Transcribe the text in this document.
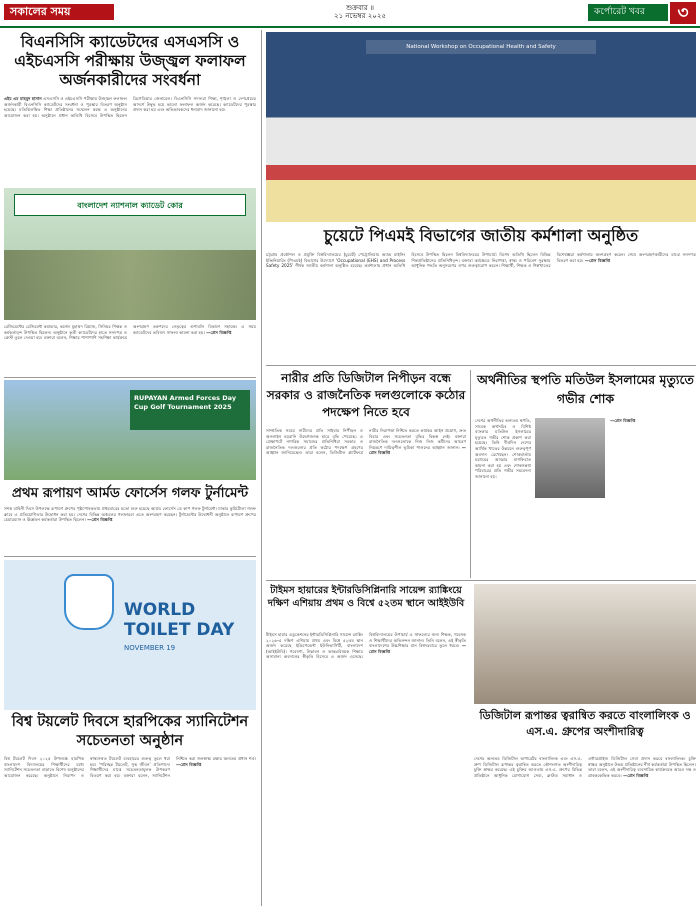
সকালের সময়	শুক্রবার ॥
২১ নভেম্বর ২০২৫	কর্পোরেট খবর	৩
বিএনসিসি ক্যাডেটদের এসএসসি ও এইচএসসি পরীক্ষায় উজ্জ্বল ফলাফল অর্জনকারীদের সংবর্ধনা
এইচ এম মাহমুদ হাসান এসএসসি ও এইচএসসি পরীক্ষায় উজ্জ্বল ফলাফল অর্জনকারী বিএনসিসি ক্যাডেটদের সংবর্ধনা ও পুরস্কার বিতরণ অনুষ্ঠান হয়েছে। মতিঝিলস্থিত শিক্ষা প্রতিষ্ঠানের সম্মেলন কক্ষে এ অনুষ্ঠানের আয়োজন করা হয়। অনুষ্ঠানে প্রধান অতিথি হিসেবে উপস্থিত ছিলেন ব্রিগেডিয়ার জেনারেল। বিএনসিসি সদস্যরা শিক্ষা, শৃঙ্খলা ও দেশপ্রেমের আদর্শে উদ্বুদ্ধ হয়ে ভালো ফলাফল অর্জন করেছে। ক্যাডেটদের পুরস্কার প্রদান করা হয় এবং অভিভাবকদের ধন্যবাদ জানানো হয়।
বাংলাদেশ ন্যাশনাল ক্যাডেট কোর
রেজিমেন্টের রেজিমেন্ট কমান্ডার, কর্নেল মুহাম্মদ রিয়াজ, সিনিয়র শিক্ষক ও কর্মকর্তাবৃন্দ উপস্থিত ছিলেন। অনুষ্ঠানে কৃতী ক্যাডেটদের হাতে সনদপত্র ও ক্রেস্ট তুলে দেওয়া হয়। বক্তারা বলেন, শিক্ষার পাশাপাশি সহশিক্ষা কার্যক্রমে অংশগ্রহণ তরুণদের নেতৃত্বের গুণাবলি বিকাশে সহায়ক। এ সময় ক্যাডেটদের ভবিষ্যৎ সাফল্য কামনা করা হয়। —প্রেস বিজ্ঞপ্তি
RUPAYAN Armed Forces Day Cup Golf Tournament 2025
প্রথম রূপায়ণ আর্মড ফোর্সেস গলফ টুর্নামেন্ট
সশস্ত্র বাহিনী দিবস উপলক্ষে রূপায়ণ গ্রুপের পৃষ্ঠপোষকতায় প্রথমবারের মতো শুরু হয়েছে আর্মড ফোর্সেস ডে কাপ গলফ টুর্নামেন্ট। ঢাকার কুর্মিটোলা গলফ ক্লাবে এ প্রতিযোগিতার উদ্বোধন করা হয়। দেশের বিভিন্ন অঞ্চলের গলফাররা এতে অংশগ্রহণ করছেন। টুর্নামেন্টের উদ্বোধনী অনুষ্ঠানে রূপায়ণ গ্রুপের চেয়ারম্যান ও ঊর্ধ্বতন কর্মকর্তারা উপস্থিত ছিলেন। —প্রেস বিজ্ঞপ্তি
WORLD TOILET DAY
NOVEMBER 19
বিশ্ব টয়লেট দিবসে হারপিকের স্যানিটেশন সচেতনতা অনুষ্ঠান
বিশ্ব টয়লেট দিবস ২০২৫ উপলক্ষে হারপিক বাংলাদেশ বিদ্যালয়ের শিক্ষার্থীদের মধ্যে স্যানিটেশন সচেতনতা বাড়াতে বিশেষ অনুষ্ঠানের আয়োজন করেছে। অনুষ্ঠানে নিরাপদ ও স্বাস্থ্যসম্মত টয়লেট ব্যবহারের গুরুত্ব তুলে ধরা হয়। ‘পরিচ্ছন্ন টয়লেট, সুস্থ জীবন’ প্রতিপাদ্যে শিক্ষার্থীদের মাঝে সচেতনতামূলক উপকরণ বিতরণ করা হয়। বক্তারা বলেন, স্যানিটেশন নিশ্চিত করা জনস্বাস্থ্য রক্ষার অন্যতম প্রধান শর্ত। —প্রেস বিজ্ঞপ্তি
National Workshop on Occupational Health and Safety
চুয়েটে পিএমই বিভাগের জাতীয় কর্মশালা অনুষ্ঠিত
চট্টগ্রাম প্রকৌশল ও প্রযুক্তি বিশ্ববিদ্যালয়ের (চুয়েট) পেট্রোলিয়াম অ্যান্ড মাইনিং ইঞ্জিনিয়ারিং (পিএমই) বিভাগের উদ্যোগে ‘Occupational (EHS) and Process Safety 2025’ শীর্ষক জাতীয় কর্মশালা অনুষ্ঠিত হয়েছে। কর্মশালায় প্রধান অতিথি হিসেবে উপস্থিত ছিলেন বিশ্ববিদ্যালয়ের উপাচার্য। বিশেষ অতিথি ছিলেন বিভিন্ন শিল্পপ্রতিষ্ঠানের প্রতিনিধিবৃন্দ। বক্তারা কর্মক্ষেত্রে নিরাপত্তা, স্বাস্থ্য ও পরিবেশ সুরক্ষায় আধুনিক পদ্ধতি অনুসরণের ওপর গুরুত্বারোপ করেন। শিক্ষার্থী, শিক্ষক ও শিল্পখাতের বিশেষজ্ঞরা কর্মশালায় অংশগ্রহণ করেন। শেষে অংশগ্রহণকারীদের মাঝে সনদপত্র বিতরণ করা হয়। —প্রেস বিজ্ঞপ্তি
নারীর প্রতি ডিজিটাল নিপীড়ন বন্ধে সরকার ও রাজনৈতিক দলগুলোকে কঠোর পদক্ষেপ নিতে হবে
সাম্প্রতিক সময়ে নারীদের প্রতি সাইবার নিপীড়ন ও অনলাইন হয়রানি উদ্বেগজনক হারে বৃদ্ধি পেয়েছে। এ প্রেক্ষাপটে নাগরিক সমাজের প্রতিনিধিরা সরকার ও রাজনৈতিক দলগুলোর প্রতি কঠোর পদক্ষেপ গ্রহণের আহ্বান জানিয়েছেন। তারা বলেন, ডিজিটাল প্ল্যাটফর্মে নারীর নিরাপত্তা নিশ্চিত করতে কার্যকর আইন প্রয়োগ, দ্রুত বিচার এবং সচেতনতা বৃদ্ধির বিকল্প নেই। বক্তারা রাজনৈতিক দলগুলোকে নিজ নিজ কর্মীদের আচরণ নিয়ন্ত্রণে দায়িত্বশীল ভূমিকা পালনের আহ্বান জানান। —প্রেস বিজ্ঞপ্তি
অর্থনীতির স্থপতি মতিউল ইসলামের মৃত্যুতে গভীর শোক
দেশের অর্থনীতির অন্যতম স্থপতি, সাবেক অর্থসচিব ও বিশিষ্ট ব্যাংকার মতিউল ইসলামের মৃত্যুতে গভীর শোক প্রকাশ করা হয়েছে। তিনি দীর্ঘদিন দেশের আর্থিক খাতের উন্নয়নে গুরুত্বপূর্ণ অবদান রেখেছেন। শোকবার্তায় মরহুমের আত্মার মাগফিরাত কামনা করা হয় এবং শোকসন্তপ্ত পরিবারের প্রতি গভীর সমবেদনা জানানো হয়।
—প্রেস বিজ্ঞপ্তি
টাইমস হায়ারের ইন্টারডিসিপ্লিনারি সায়েন্স র‌্যাঙ্কিংয়ে দক্ষিণ এশিয়ায় প্রথম ও বিশ্বে ৫২তম স্থানে আইইউবি
টাইমস হায়ার এডুকেশনের ইন্টারডিসিপ্লিনারি সায়েন্স র‌্যাঙ্কিং ২০২৬-এ দক্ষিণ এশিয়ায় প্রথম এবং বিশ্বে ৫২তম স্থান অর্জন করেছে ইন্ডিপেন্ডেন্ট ইউনিভার্সিটি, বাংলাদেশ (আইইউবি)। গবেষণা, উদ্ভাবন ও আন্তঃবিষয়ক শিক্ষায় অসামান্য অবদানের স্বীকৃতি হিসেবে এ অর্জন এসেছে। বিশ্ববিদ্যালয়ের উপাচার্য এ সাফল্যের জন্য শিক্ষক, গবেষক ও শিক্ষার্থীদের অভিনন্দন জানান। তিনি বলেন, এই স্বীকৃতি বাংলাদেশের উচ্চশিক্ষার মান বিশ্বদরবারে তুলে ধরবে। —প্রেস বিজ্ঞপ্তি
ডিজিটাল রূপান্তর ত্বরান্বিত করতে বাংলালিংক ও এস.এ. গ্রুপের অংশীদারিত্ব
দেশের অন্যতম ডিজিটাল অপারেটর বাংলালিংক এবং এস.এ. গ্রুপ ডিজিটাল রূপান্তর ত্বরান্বিত করতে কৌশলগত অংশীদারিত্ব চুক্তি স্বাক্ষর করেছে। এই চুক্তির আওতায় এস.এ. গ্রুপের বিভিন্ন প্রতিষ্ঠানে আধুনিক যোগাযোগ সেবা, ক্লাউড সমাধান ও এন্টারপ্রাইজ ডিজিটাল সেবা প্রদান করবে বাংলালিংক। চুক্তি স্বাক্ষর অনুষ্ঠানে উভয় প্রতিষ্ঠানের শীর্ষ কর্মকর্তারা উপস্থিত ছিলেন। তারা বলেন, এই অংশীদারিত্ব ব্যবসায়িক কার্যক্রমকে আরও দক্ষ ও গ্রাহককেন্দ্রিক করবে। —প্রেস বিজ্ঞপ্তি
